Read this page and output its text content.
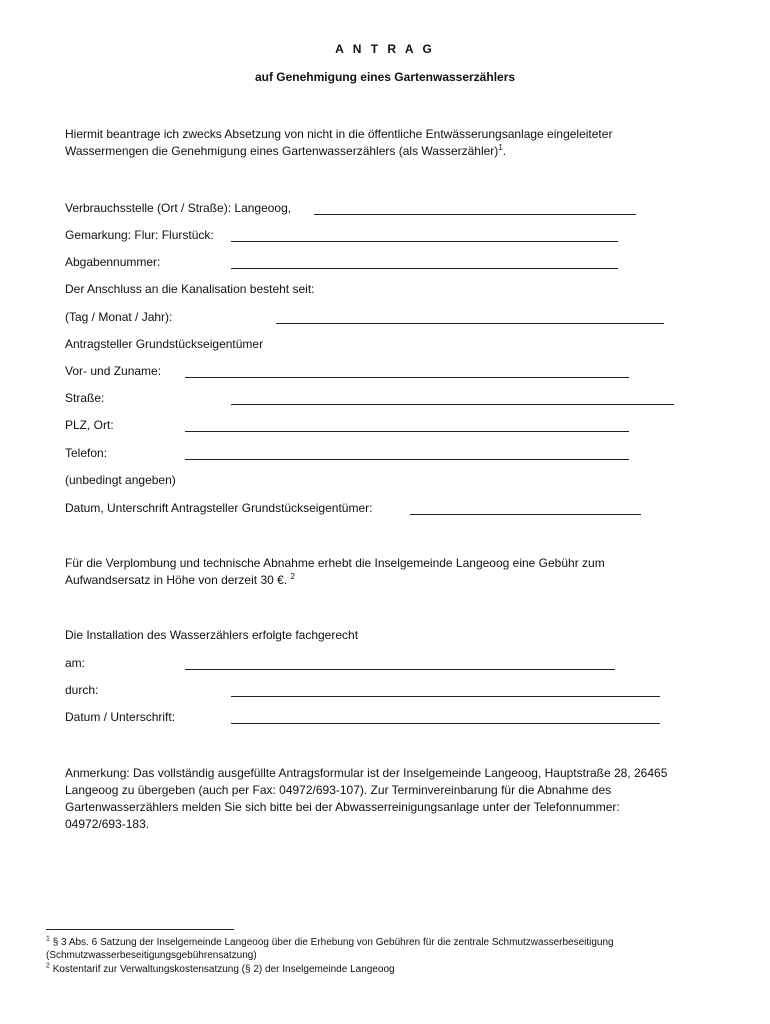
A N T R A G
auf Genehmigung eines Gartenwasserzählers
Hiermit beantrage ich zwecks Absetzung von nicht in die öffentliche Entwässerungsanlage eingeleiteter
Wassermengen die Genehmigung eines Gartenwasserzählers (als Wasserzähler)$^1$.
Verbrauchsstelle (Ort / Straße): Langeoog,
Gemarkung: Flur: Flurstück:
Abgabennummer:
Der Anschluss an die Kanalisation besteht seit:
(Tag / Monat / Jahr):
Antragsteller Grundstückseigentümer
Vor- und Zuname:
Straße:
PLZ, Ort:
Telefon:
(unbedingt angeben)
Datum, Unterschrift Antragsteller Grundstückseigentümer:
Für die Verplombung und technische Abnahme erhebt die Inselgemeinde Langeoog eine Gebühr zum
Aufwandsersatz in Höhe von derzeit 30 €. $^2$
Die Installation des Wasserzählers erfolgte fachgerecht
am:
durch:
Datum / Unterschrift:
Anmerkung: Das vollständig ausgefüllte Antragsformular ist der Inselgemeinde Langeoog, Hauptstraße 28, 26465
Langeoog zu übergeben (auch per Fax: 04972/693-107). Zur Terminvereinbarung für die Abnahme des
Gartenwasserzählers melden Sie sich bitte bei der Abwasserreinigungsanlage unter der Telefonnummer:
04972/693-183.
$^1$ § 3 Abs. 6 Satzung der Inselgemeinde Langeoog über die Erhebung von Gebühren für die zentrale Schmutzwasserbeseitigung
(Schmutzwasserbeseitigungsgebührensatzung)
$^2$ Kostentarif zur Verwaltungskostensatzung (§ 2) der Inselgemeinde Langeoog
